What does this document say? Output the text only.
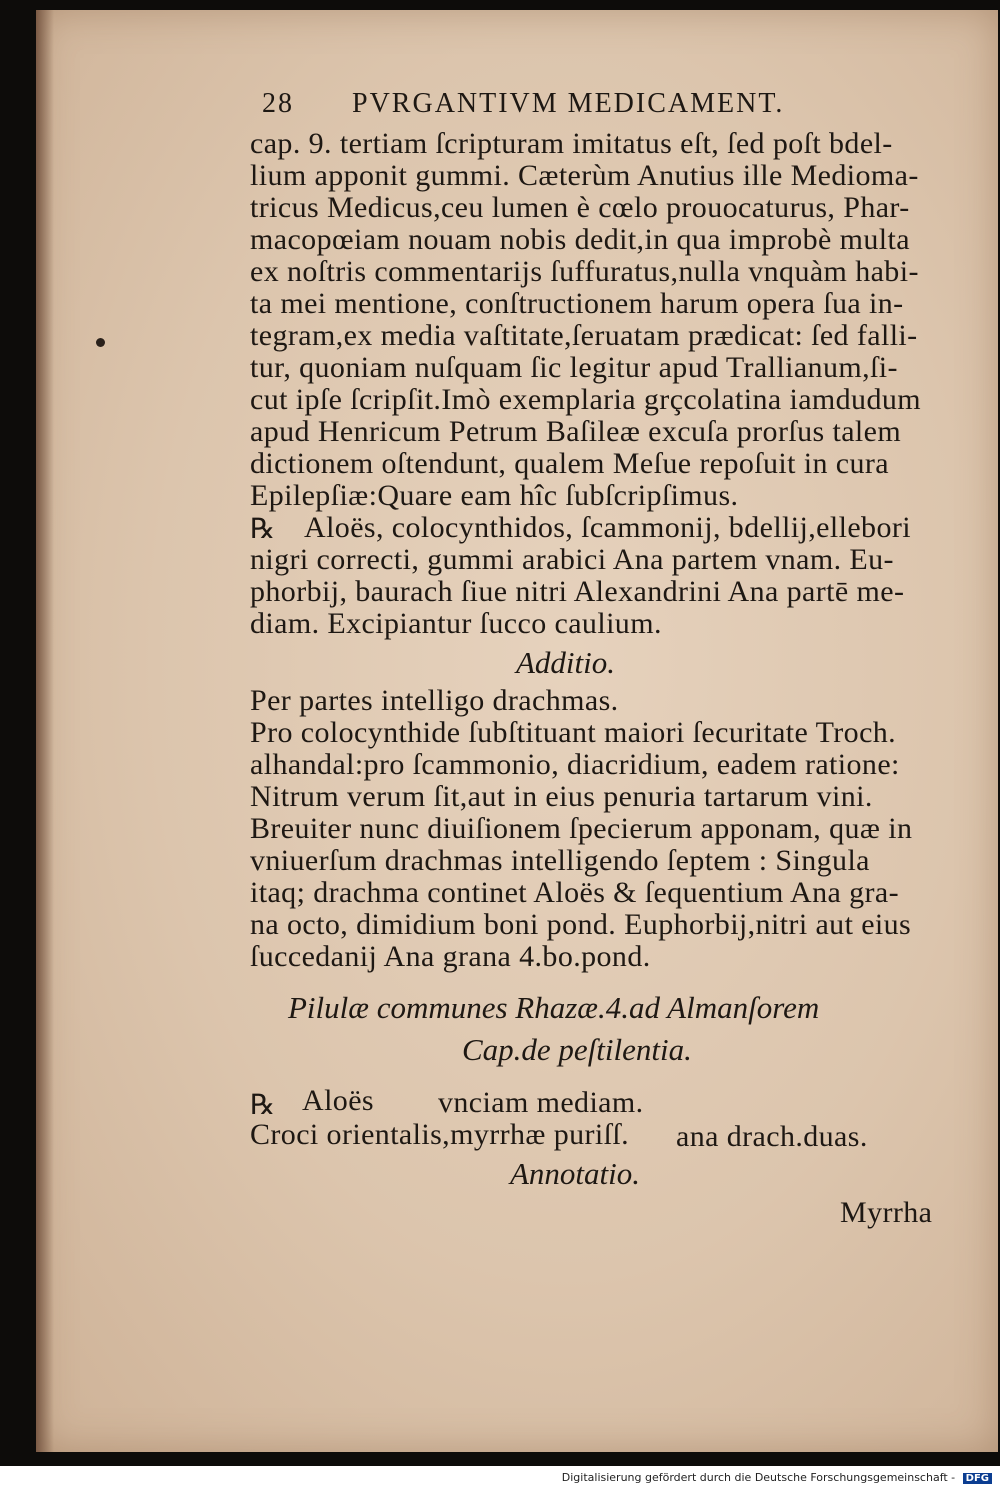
28 PVRGANTIVM MEDICAMENT.
cap. 9. tertiam ſcripturam imitatus eſt, ſed poſt bdel-
lium apponit gummi. Cæterùm Anutius ille Medioma-
tricus Medicus,ceu lumen è cœlo prouocaturus, Phar-
macopœiam nouam nobis dedit,in qua improbè multa
ex noſtris commentarijs ſuffuratus,nulla vnquàm habi-
ta mei mentione, conſtructionem harum opera ſua in-
tegram,ex media vaſtitate,ſeruatam prædicat: ſed falli-
tur, quoniam nuſquam ſic legitur apud Trallianum,ſi-
cut ipſe ſcripſit.Imò exemplaria grçcolatina iamdudum
apud Henricum Petrum Baſileæ excuſa prorſus talem
dictionem oſtendunt, qualem Meſue repoſuit in cura
Epilepſiæ:Quare eam hîc ſubſcripſimus.
℞ Aloës, colocynthidos, ſcammonij, bdellij,ellebori
nigri correcti, gummi arabici Ana partem vnam. Eu-
phorbij, baurach ſiue nitri Alexandrini Ana partē me-
diam. Excipiantur ſucco caulium.
Additio.
Per partes intelligo drachmas.
Pro colocynthide ſubſtituant maiori ſecuritate Troch.
alhandal:pro ſcammonio, diacridium, eadem ratione:
Nitrum verum ſit,aut in eius penuria tartarum vini.
Breuiter nunc diuiſionem ſpecierum apponam, quæ in
vniuerſum drachmas intelligendo ſeptem : Singula
itaq; drachma continet Aloës & ſequentium Ana gra-
na octo, dimidium boni pond. Euphorbij,nitri aut eius
ſuccedanij Ana grana 4.bo.pond.
Pilulæ communes Rhazæ.4.ad Almanſorem
Cap.de peſtilentia.
℞ Aloës vnciam mediam.
Croci orientalis,myrrhæ puriſſ. ana drach.duas.
Annotatio.
Myrrha
Digitalisierung gefördert durch die Deutsche Forschungsgemeinschaft - DFG
